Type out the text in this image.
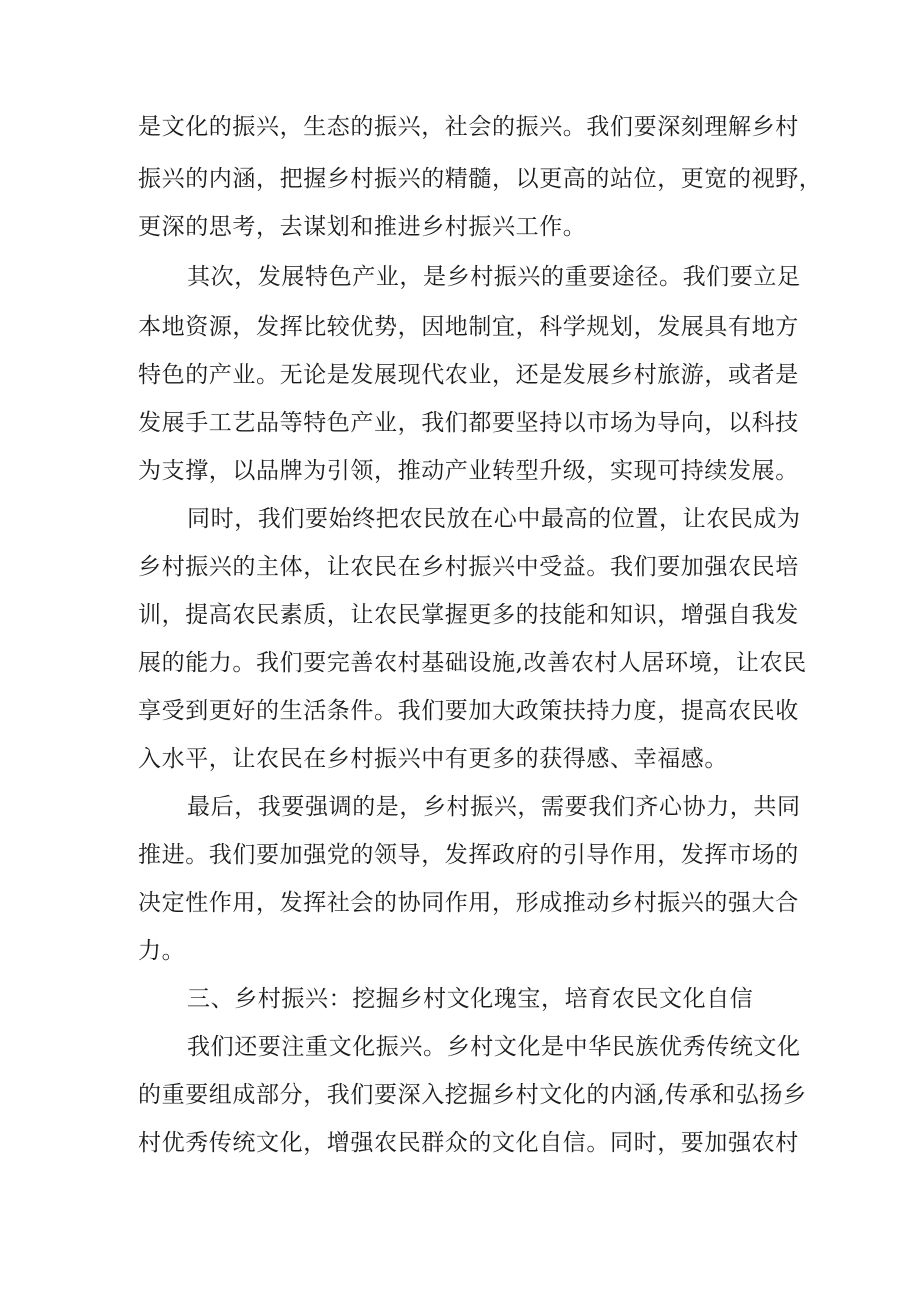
是文化的振兴，生态的振兴，社会的振兴。我们要深刻理解乡村
振兴的内涵，把握乡村振兴的精髓，以更高的站位，更宽的视野，
更深的思考，去谋划和推进乡村振兴工作。
其次，发展特色产业，是乡村振兴的重要途径。我们要立足
本地资源，发挥比较优势，因地制宜，科学规划，发展具有地方
特色的产业。无论是发展现代农业，还是发展乡村旅游，或者是
发展手工艺品等特色产业，我们都要坚持以市场为导向，以科技
为支撑，以品牌为引领，推动产业转型升级，实现可持续发展。
同时，我们要始终把农民放在心中最高的位置，让农民成为
乡村振兴的主体，让农民在乡村振兴中受益。我们要加强农民培
训，提高农民素质，让农民掌握更多的技能和知识，增强自我发
展的能力。我们要完善农村基础设施,改善农村人居环境，让农民
享受到更好的生活条件。我们要加大政策扶持力度，提高农民收
入水平，让农民在乡村振兴中有更多的获得感、幸福感。
最后，我要强调的是，乡村振兴，需要我们齐心协力，共同
推进。我们要加强党的领导，发挥政府的引导作用，发挥市场的
决定性作用，发挥社会的协同作用，形成推动乡村振兴的强大合
力。
三、乡村振兴：挖掘乡村文化瑰宝，培育农民文化自信
我们还要注重文化振兴。乡村文化是中华民族优秀传统文化
的重要组成部分，我们要深入挖掘乡村文化的内涵,传承和弘扬乡
村优秀传统文化，增强农民群众的文化自信。同时，要加强农村
